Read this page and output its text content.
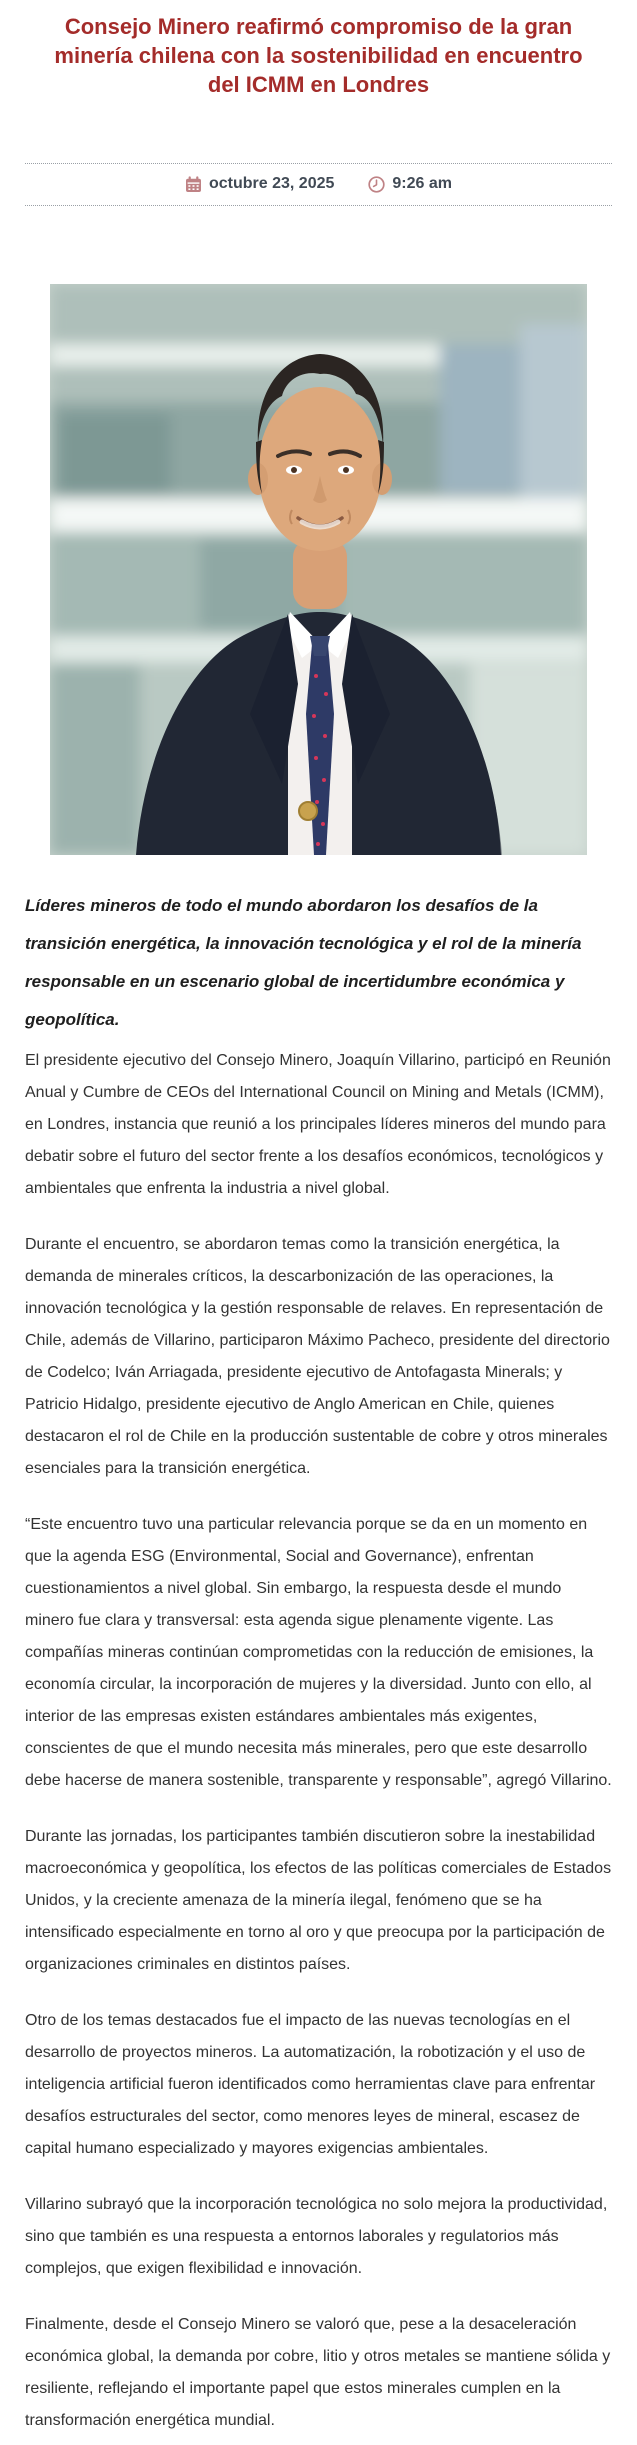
Consejo Minero reafirmó compromiso de la gran minería chilena con la sostenibilidad en encuentro del ICMM en Londres
octubre 23, 2025	9:26 am

Líderes mineros de todo el mundo abordaron los desafíos de la transición energética, la innovación tecnológica y el rol de la minería responsable en un escenario global de incertidumbre económica y geopolítica.

El presidente ejecutivo del Consejo Minero, Joaquín Villarino, participó en Reunión Anual y Cumbre de CEOs del International Council on Mining and Metals (ICMM), en Londres, instancia que reunió a los principales líderes mineros del mundo para debatir sobre el futuro del sector frente a los desafíos económicos, tecnológicos y ambientales que enfrenta la industria a nivel global.

Durante el encuentro, se abordaron temas como la transición energética, la demanda de minerales críticos, la descarbonización de las operaciones, la innovación tecnológica y la gestión responsable de relaves. En representación de Chile, además de Villarino, participaron Máximo Pacheco, presidente del directorio de Codelco; Iván Arriagada, presidente ejecutivo de Antofagasta Minerals; y Patricio Hidalgo, presidente ejecutivo de Anglo American en Chile, quienes destacaron el rol de Chile en la producción sustentable de cobre y otros minerales esenciales para la transición energética.

“Este encuentro tuvo una particular relevancia porque se da en un momento en que la agenda ESG (Environmental, Social and Governance), enfrentan cuestionamientos a nivel global. Sin embargo, la respuesta desde el mundo minero fue clara y transversal: esta agenda sigue plenamente vigente. Las compañías mineras continúan comprometidas con la reducción de emisiones, la economía circular, la incorporación de mujeres y la diversidad. Junto con ello, al interior de las empresas existen estándares ambientales más exigentes, conscientes de que el mundo necesita más minerales, pero que este desarrollo debe hacerse de manera sostenible, transparente y responsable”, agregó Villarino.

Durante las jornadas, los participantes también discutieron sobre la inestabilidad macroeconómica y geopolítica, los efectos de las políticas comerciales de Estados Unidos, y la creciente amenaza de la minería ilegal, fenómeno que se ha intensificado especialmente en torno al oro y que preocupa por la participación de organizaciones criminales en distintos países.

Otro de los temas destacados fue el impacto de las nuevas tecnologías en el desarrollo de proyectos mineros. La automatización, la robotización y el uso de inteligencia artificial fueron identificados como herramientas clave para enfrentar desafíos estructurales del sector, como menores leyes de mineral, escasez de capital humano especializado y mayores exigencias ambientales.

Villarino subrayó que la incorporación tecnológica no solo mejora la productividad, sino que también es una respuesta a entornos laborales y regulatorios más complejos, que exigen flexibilidad e innovación.

Finalmente, desde el Consejo Minero se valoró que, pese a la desaceleración económica global, la demanda por cobre, litio y otros metales se mantiene sólida y resiliente, reflejando el importante papel que estos minerales cumplen en la transformación energética mundial.
